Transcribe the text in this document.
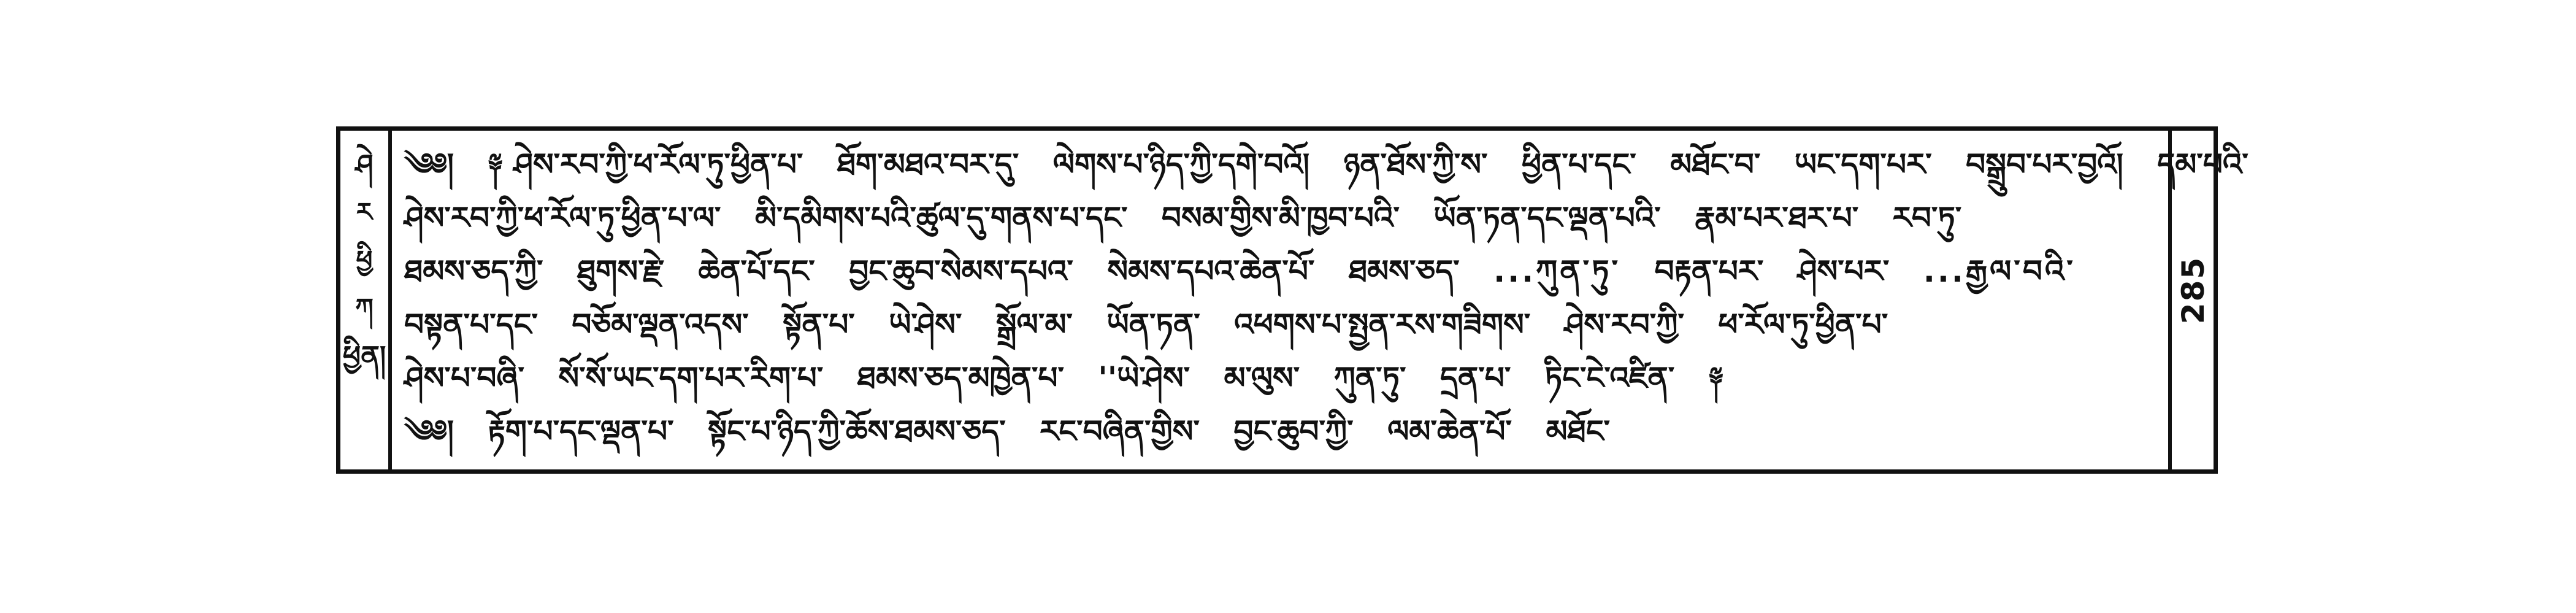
ཤེ
ར
ཕྱི
ཀ
ཕྱིན།
༄༅། ༈ ཤེས་རབ་ཀྱི་ཕ་རོལ་ཏུ་ཕྱིན་པ་ ཐོག་མཐའ་བར་དུ་ ལེགས་པ་ཉིད་ཀྱི་དགེ་བའོ། ཉན་ཐོས་ཀྱི་ས་ ཕྱིན་པ་དང་ མཐོང་བ་ ཡང་དག་པར་ བསྒྲུབ་པར་བྱའོ། དམ་པའི་
ཤེས་རབ་ཀྱི་ཕ་རོལ་ཏུ་ཕྱིན་པ་ལ་ མི་དམིགས་པའི་ཚུལ་དུ་གནས་པ་དང་ བསམ་གྱིས་མི་ཁྱབ་པའི་ ཡོན་ཏན་དང་ལྡན་པའི་ རྣམ་པར་ཐར་པ་ རབ་ཏུ་
ཐམས་ཅད་ཀྱི་ ཐུགས་རྗེ་ ཆེན་པོ་དང་ བྱང་ཆུབ་སེམས་དཔའ་ སེམས་དཔའ་ཆེན་པོ་ ཐམས་ཅད་ ...ཀུན་ཏུ་ བརྟན་པར་ ཤེས་པར་ ...རྒྱལ་བའི་
བསྟན་པ་དང་ བཅོམ་ལྡན་འདས་ སྟོན་པ་ ཡེ་ཤེས་ སྒྲོལ་མ་ ཡོན་ཏན་ འཕགས་པ་སྤྱན་རས་གཟིགས་ ཤེས་རབ་ཀྱི་ ཕ་རོལ་ཏུ་ཕྱིན་པ་
ཤེས་པ་བཞི་ སོ་སོ་ཡང་དག་པར་རིག་པ་ ཐམས་ཅད་མཁྱེན་པ་ ''ཡེ་ཤེས་ མ་ལུས་ ཀུན་ཏུ་ དྲན་པ་ ཏིང་ངེ་འཛིན་ ༈
༄༅། རྟོག་པ་དང་ལྡན་པ་ སྟོང་པ་ཉིད་ཀྱི་ཆོས་ཐམས་ཅད་ རང་བཞིན་གྱིས་ བྱང་ཆུབ་ཀྱི་ ལམ་ཆེན་པོ་ མཐོང་
285
